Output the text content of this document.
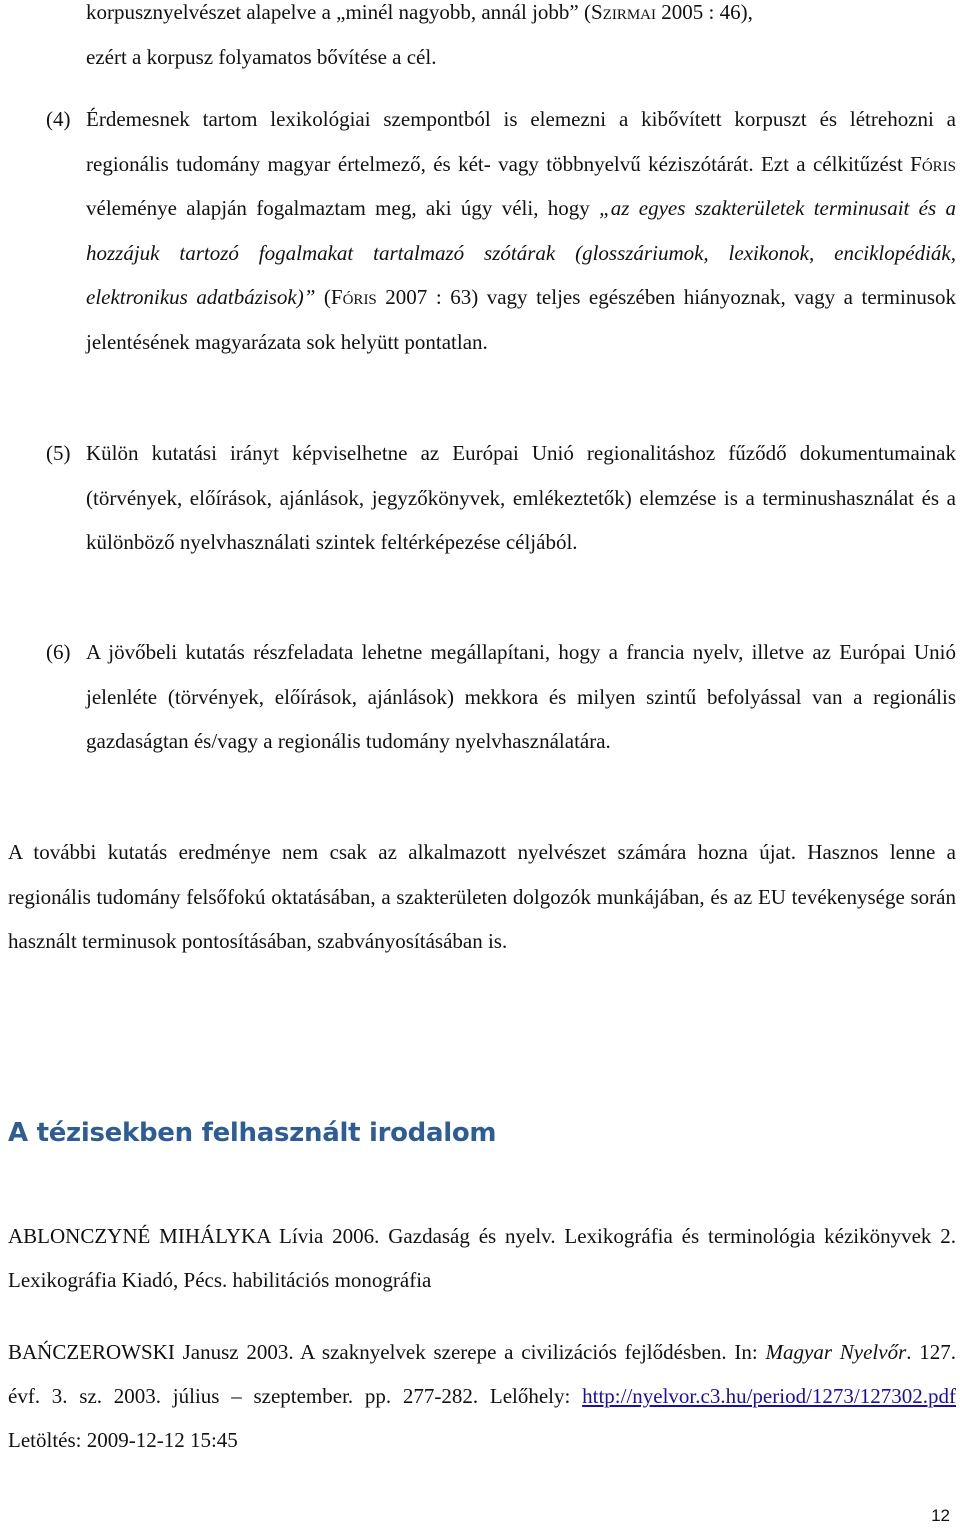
korpusznyelvészet alapelve a „minél nagyobb, annál jobb” (Szirmai 2005 : 46),
ezért a korpusz folyamatos bővítése a cél.
(4) Érdemesnek tartom lexikológiai szempontból is elemezni a kibővített korpuszt és létrehozni a regionális tudomány magyar értelmező, és két- vagy többnyelvű kéziszótárát. Ezt a célkitűzést Fóris véleménye alapján fogalmaztam meg, aki úgy véli, hogy „az egyes szakterületek terminusait és a hozzájuk tartozó fogalmakat tartalmazó szótárak (glosszáriumok, lexikonok, enciklopédiák, elektronikus adatbázisok)” (Fóris 2007 : 63) vagy teljes egészében hiányoznak, vagy a terminusok jelentésének magyarázata sok helyütt pontatlan.
(5) Külön kutatási irányt képviselhetne az Európai Unió regionalitáshoz fűződő dokumentumainak (törvények, előírások, ajánlások, jegyzőkönyvek, emlékeztetők) elemzése is a terminushasználat és a különböző nyelvhasználati szintek feltérképezése céljából.
(6) A jövőbeli kutatás részfeladata lehetne megállapítani, hogy a francia nyelv, illetve az Európai Unió jelenléte (törvények, előírások, ajánlások) mekkora és milyen szintű befolyással van a regionális gazdaságtan és/vagy a regionális tudomány nyelvhasználatára.
A további kutatás eredménye nem csak az alkalmazott nyelvészet számára hozna újat. Hasznos lenne a regionális tudomány felsőfokú oktatásában, a szakterületen dolgozók munkájában, és az EU tevékenysége során használt terminusok pontosításában, szabványosításában is.
A tézisekben felhasznált irodalom
ABLONCZYNÉ MIHÁLYKA Lívia 2006. Gazdaság és nyelv. Lexikográfia és terminológia kézikönyvek 2. Lexikográfia Kiadó, Pécs. habilitációs monográfia
BAŃCZEROWSKI Janusz 2003. A szaknyelvek szerepe a civilizációs fejlődésben. In: Magyar Nyelvőr. 127. évf. 3. sz. 2003. július – szeptember. pp. 277-282. Lelőhely: http://nyelvor.c3.hu/period/1273/127302.pdf Letöltés: 2009-12-12 15:45
12
